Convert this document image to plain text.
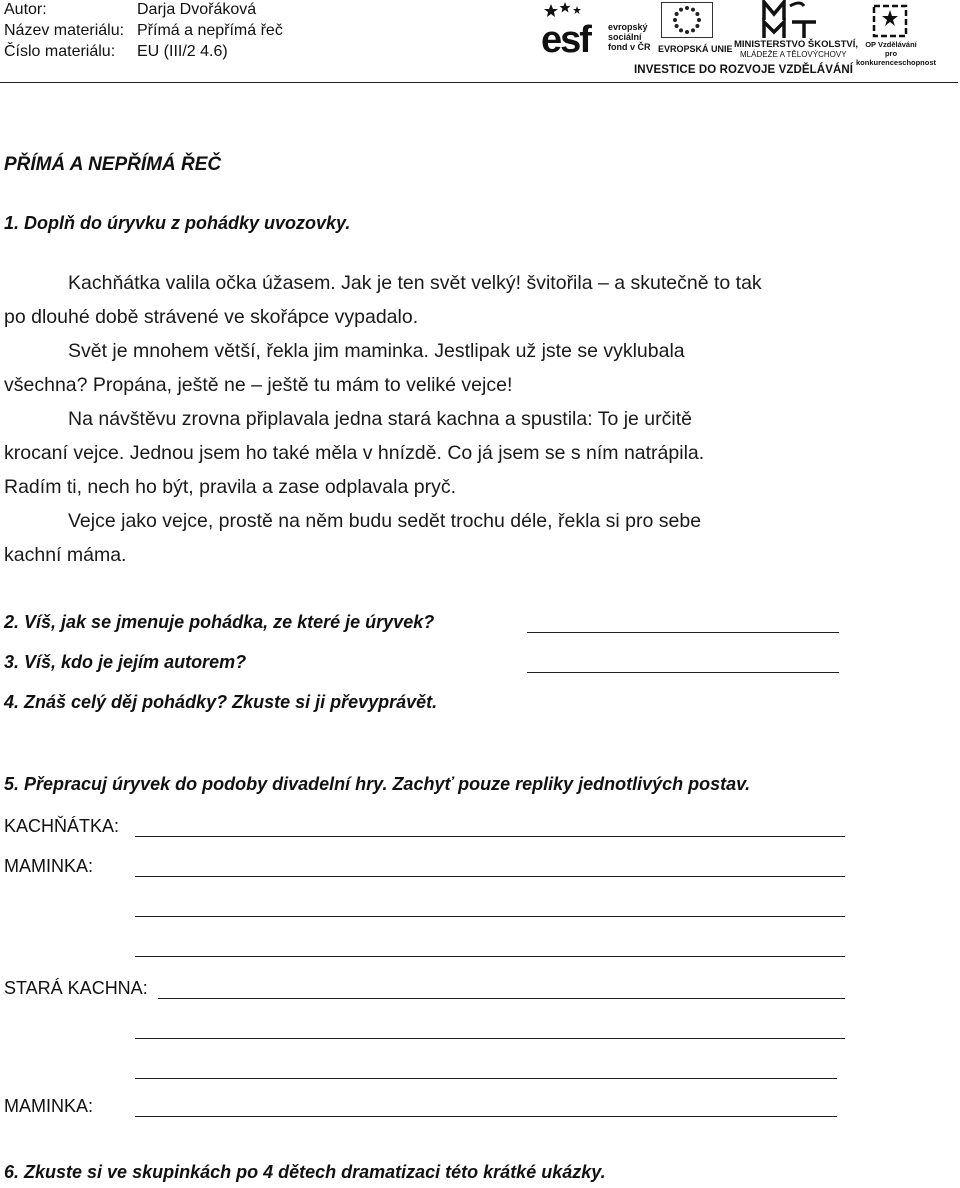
Autor:	Darja Dvořáková
Název materiálu: Přímá a nepřímá řeč
Číslo materiálu:	EU (III/2 4.6)	esf evropský
sociální
fond v ČR EVROPSKÁ UNIE MINISTERSTVO ŠKOLSTVÍ,
MLÁDEŽE A TĚLOVÝCHOVY
OP Vzdělávání
pro konkurenceschopnost
INVESTICE DO ROZVOJE VZDĚLÁVÁNÍ
PŘÍMÁ A NEPŘÍMÁ ŘEČ
1. Doplň do úryvku z pohádky uvozovky.
Kachňátka valila očka úžasem. Jak je ten svět velký! švitořila – a skutečně to tak
po dlouhé době strávené ve skořápce vypadalo.
Svět je mnohem větší, řekla jim maminka. Jestlipak už jste se vyklubala
všechna? Propána, ještě ne – ještě tu mám to veliké vejce!
Na návštěvu zrovna připlavala jedna stará kachna a spustila: To je určitě
krocaní vejce. Jednou jsem ho také měla v hnízdě. Co já jsem se s ním natrápila.
Radím ti, nech ho být, pravila a zase odplavala pryč.
Vejce jako vejce, prostě na něm budu sedět trochu déle, řekla si pro sebe
kachní máma.
2. Víš, jak se jmenuje pohádka, ze které je úryvek?
3. Víš, kdo je jejím autorem?
4. Znáš celý děj pohádky? Zkuste si ji převyprávět.
5. Přepracuj úryvek do podoby divadelní hry. Zachyť pouze repliky jednotlivých postav.
KACHŇÁTKA:
MAMINKA:
STARÁ KACHNA:
MAMINKA:
6. Zkuste si ve skupinkách po 4 dětech dramatizaci této krátké ukázky.
